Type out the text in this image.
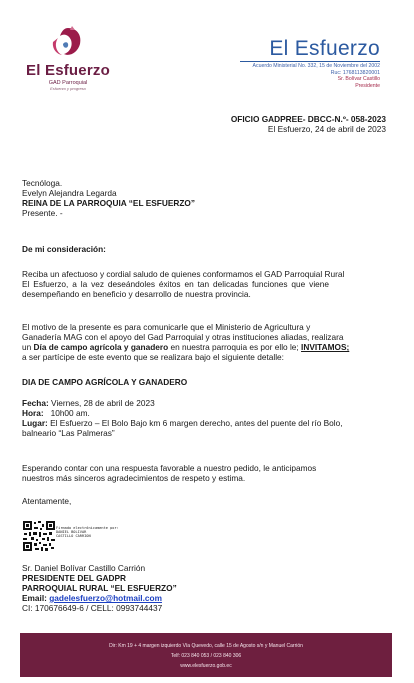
El Esfuerzo
GAD Parroquial
Esfuerzo y progreso
El Esfuerzo
Acuerdo Ministerial No. 332, 15 de Noviembre del 2002
Ruc: 1768113820001
Sr. Bolívar Castillo
Presidente
OFICIO GADPREE- DBCC-N.º- 058-2023
El Esfuerzo, 24 de abril de 2023
Tecnóloga.
Evelyn Alejandra Legarda
REINA DE LA PARROQUIA “EL ESFUERZO”
Presente. -
De mi consideración:
Reciba un afectuoso y cordial saludo de quienes conformamos el GAD Parroquial Rural
El Esfuerzo, a la vez deseándoles éxitos en tan delicadas funciones que viene
desempeñando en beneficio y desarrollo de nuestra provincia.
El motivo de la presente es para comunicarle que el Ministerio de Agricultura y
Ganadería MAG con el apoyo del Gad Parroquial y otras instituciones aliadas, realizara
un Día de campo agrícola y ganadero en nuestra parroquia es por ello le; INVITAMOS;
a ser partícipe de este evento que se realizara bajo el siguiente detalle:
DIA DE CAMPO AGRÍCOLA Y GANADERO
Fecha: Viernes, 28 de abril de 2023
Hora:   10h00 am.
Lugar: El Esfuerzo – El Bolo Bajo km 6 margen derecho, antes del puente del río Bolo,
balneario “Las Palmeras”
Esperando contar con una respuesta favorable a nuestro pedido, le anticipamos
nuestros más sinceros agradecimientos de respeto y estima.
Atentamente,
Firmado electrónicamente por:
DANIEL BOLIVAR
CASTILLO CARRION
Sr. Daniel Bolívar Castillo Carrión
PRESIDENTE DEL GADPR
PARROQUIAL RURAL “EL ESFUERZO”
Email: gadelesfuerzo@hotmail.com
CI: 170676649-6 / CELL: 0993744437
Dir: Km 19 + 4 margen izquierdo Vía Quevedo, calle 15 de Agosto s/n y Manuel Carrión
Telf: 023 840 053 / 023 840 306
www.elesfuerzo.gob.ec
